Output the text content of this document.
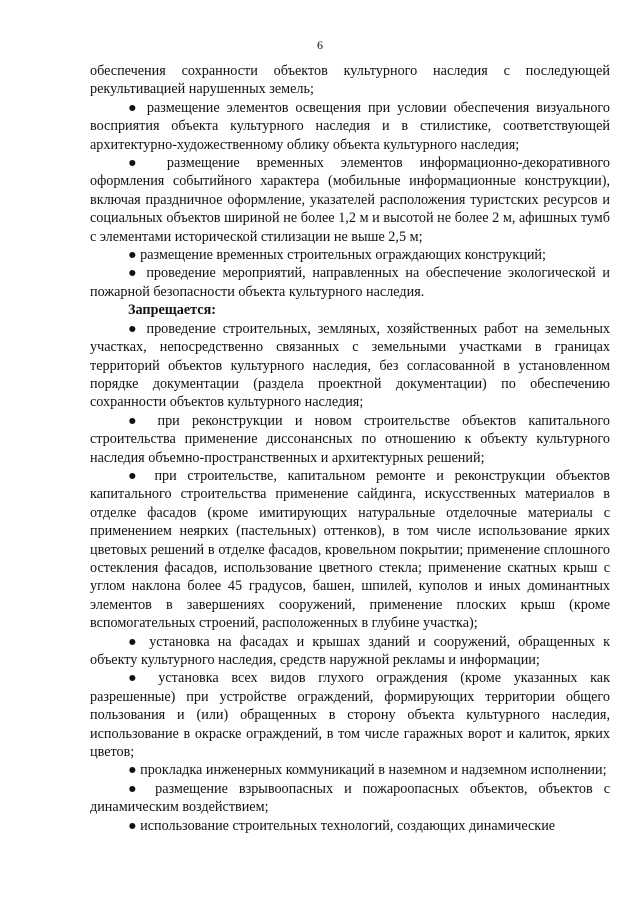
6

обеспечения сохранности объектов культурного наследия с последующей рекультивацией нарушенных земель;

● размещение элементов освещения при условии обеспечения визуального восприятия объекта культурного наследия и в стилистике, соответствующей архитектурно-художественному облику объекта культурного наследия;

● размещение временных элементов информационно-декоративного оформления событийного характера (мобильные информационные конструкции), включая праздничное оформление, указателей расположения туристских ресурсов и социальных объектов шириной не более 1,2 м и высотой не более 2 м, афишных тумб с элементами исторической стилизации не выше 2,5 м;

● размещение временных строительных ограждающих конструкций;

● проведение мероприятий, направленных на обеспечение экологической и пожарной безопасности объекта культурного наследия.

Запрещается:

● проведение строительных, земляных, хозяйственных работ на земельных участках, непосредственно связанных с земельными участками в границах территорий объектов культурного наследия, без согласованной в установленном порядке документации (раздела проектной документации) по обеспечению сохранности объектов культурного наследия;

● при реконструкции и новом строительстве объектов капитального строительства применение диссонансных по отношению к объекту культурного наследия объемно-пространственных и архитектурных решений;

● при строительстве, капитальном ремонте и реконструкции объектов капитального строительства применение сайдинга, искусственных материалов в отделке фасадов (кроме имитирующих натуральные отделочные материалы с применением неярких (пастельных) оттенков), в том числе использование ярких цветовых решений в отделке фасадов, кровельном покрытии; применение сплошного остекления фасадов, использование цветного стекла; применение скатных крыш с углом наклона более 45 градусов, башен, шпилей, куполов и иных доминантных элементов в завершениях сооружений, применение плоских крыш (кроме вспомогательных строений, расположенных в глубине участка);

● установка на фасадах и крышах зданий и сооружений, обращенных к объекту культурного наследия, средств наружной рекламы и информации;

● установка всех видов глухого ограждения (кроме указанных как разрешенные) при устройстве ограждений, формирующих территории общего пользования и (или) обращенных в сторону объекта культурного наследия, использование в окраске ограждений, в том числе гаражных ворот и калиток, ярких цветов;

● прокладка инженерных коммуникаций в наземном и надземном исполнении;

● размещение взрывоопасных и пожароопасных объектов, объектов с динамическим воздействием;

● использование строительных технологий, создающих динамические
